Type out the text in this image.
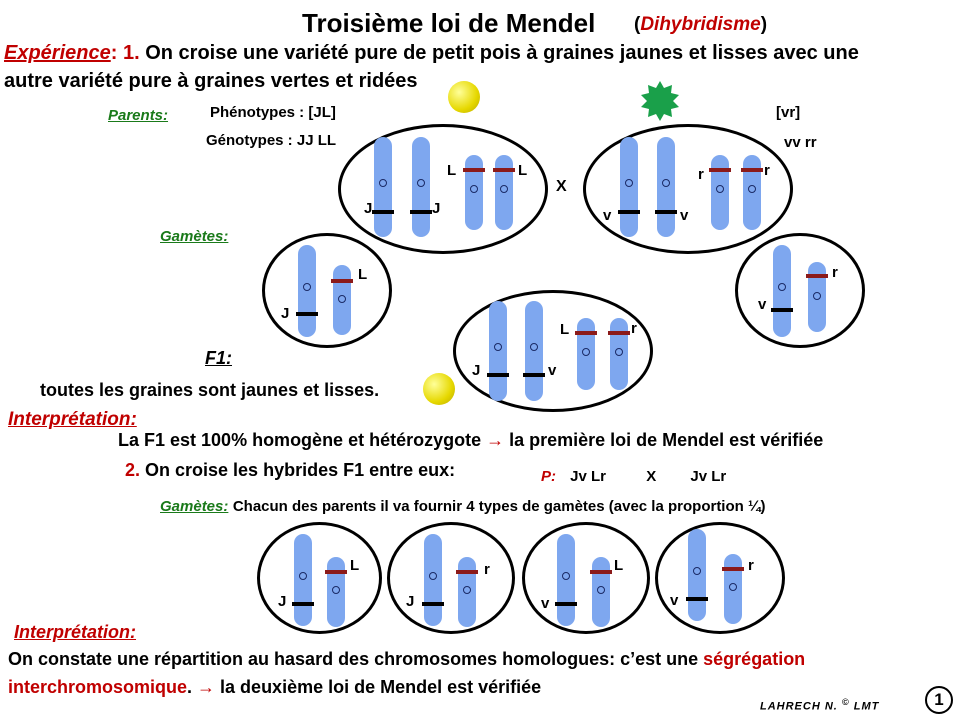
Troisième loi de Mendel (Dihybridisme)
Expérience: 1. On croise une variété pure de petit pois à graines jaunes et lisses avec une
autre variété pure à graines vertes et ridées
Parents:	Phénotypes : [JL]	[vr]
Génotypes : JJ LL	vv rr
X
J	J
L	L
v	v
r	r
Gamètes:
J
L
v
r
J	v
L	r
F1:
toutes les graines sont jaunes et lisses.
Interprétation:
La F1 est 100% homogène et hétérozygote → la première loi de Mendel est vérifiée
2. On croise les hybrides F1 entre eux:	P: Jv Lr	X Jv Lr
Gamètes: Chacun des parents il va fournir 4 types de gamètes (avec la proportion ¼)
J
L
J
r
v
L
v
r
Interprétation:
On constate une répartition au hasard des chromosomes homologues: c’est une ségrégation
interchromosomique. → la deuxième loi de Mendel est vérifiée
LAHRECH N. © LMT	1
